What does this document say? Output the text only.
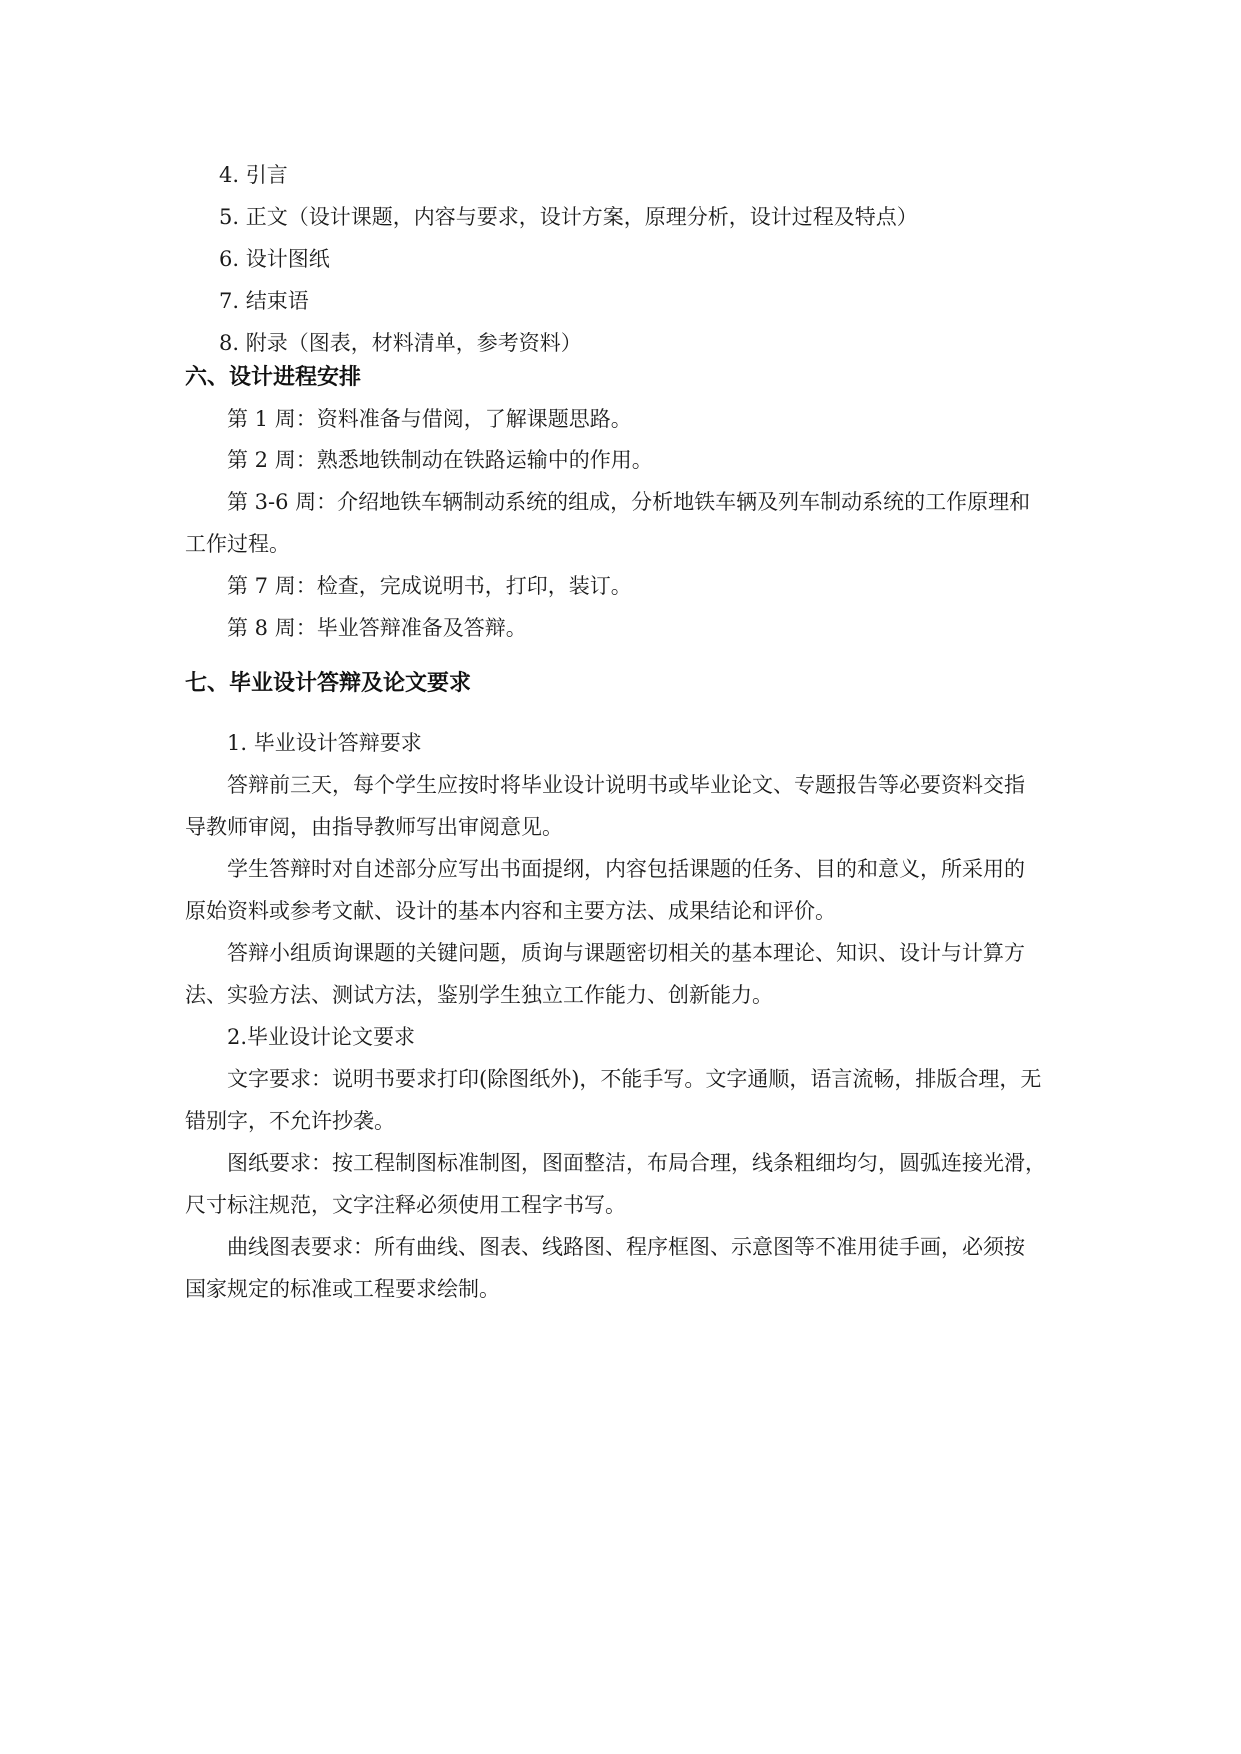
4. 引言
5. 正文（设计课题，内容与要求，设计方案，原理分析，设计过程及特点）
6. 设计图纸
7. 结束语
8. 附录（图表，材料清单，参考资料）
六、设计进程安排
第 1 周：资料准备与借阅，了解课题思路。
第 2 周：熟悉地铁制动在铁路运输中的作用。
第 3-6 周：介绍地铁车辆制动系统的组成，分析地铁车辆及列车制动系统的工作原理和
工作过程。
第 7 周：检查，完成说明书，打印，装订。
第 8 周：毕业答辩准备及答辩。
七、毕业设计答辩及论文要求
1. 毕业设计答辩要求
答辩前三天，每个学生应按时将毕业设计说明书或毕业论文、专题报告等必要资料交指
导教师审阅，由指导教师写出审阅意见。
学生答辩时对自述部分应写出书面提纲，内容包括课题的任务、目的和意义，所采用的
原始资料或参考文献、设计的基本内容和主要方法、成果结论和评价。
答辩小组质询课题的关键问题，质询与课题密切相关的基本理论、知识、设计与计算方
法、实验方法、测试方法，鉴别学生独立工作能力、创新能力。
2.毕业设计论文要求
文字要求：说明书要求打印(除图纸外)，不能手写。文字通顺，语言流畅，排版合理，无
错别字，不允许抄袭。
图纸要求：按工程制图标准制图，图面整洁，布局合理，线条粗细均匀，圆弧连接光滑，
尺寸标注规范，文字注释必须使用工程字书写。
曲线图表要求：所有曲线、图表、线路图、程序框图、示意图等不准用徒手画，必须按
国家规定的标准或工程要求绘制。
